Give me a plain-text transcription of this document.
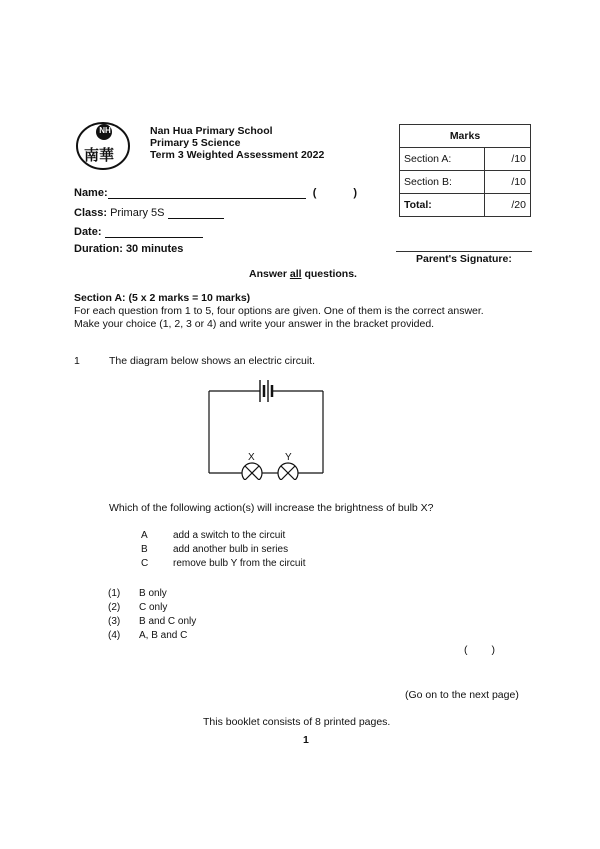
NH
南華
Nan Hua Primary School
Primary 5 Science
Term 3 Weighted Assessment 2022
Marks	
Section A:	/10
Section B:	/10
Total:	/20
Name:	(	)
Class: Primary 5S
Date:
Duration: 30 minutes
Parent's Signature:
Answer all questions.
Section A: (5 x 2 marks = 10 marks)
For each question from 1 to 5, four options are given. One of them is the correct answer.
Make your choice (1, 2, 3 or 4) and write your answer in the bracket provided.
1	The diagram below shows an electric circuit.
X	Y
Which of the following action(s) will increase the brightness of bulb X?
A	add a switch to the circuit
B	add another bulb in series
C remove bulb Y from the circuit
(1) B only
(2) C only
(3) B and C only
(4) A, B and C
( )
(Go on to the next page)
This booklet consists of 8 printed pages.
1
